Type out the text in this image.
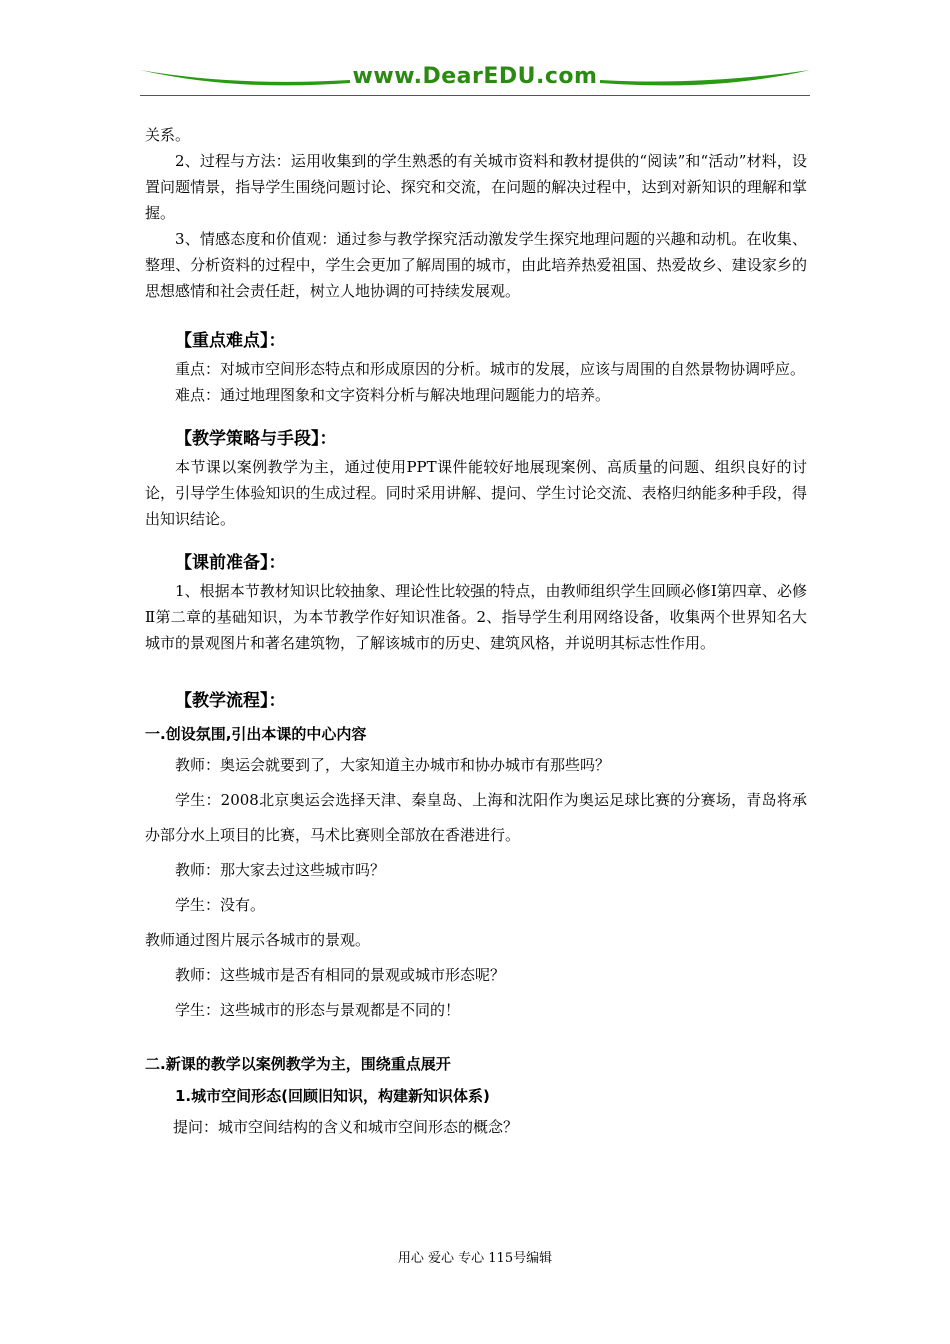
www.DearEDU.com

关系。

2、过程与方法：运用收集到的学生熟悉的有关城市资料和教材提供的“阅读”和“活动”材料，设置问题情景，指导学生围绕问题讨论、探究和交流，在问题的解决过程中，达到对新知识的理解和掌握。

3、情感态度和价值观：通过参与教学探究活动激发学生探究地理问题的兴趣和动机。在收集、整理、分析资料的过程中，学生会更加了解周围的城市，由此培养热爱祖国、热爱故乡、建设家乡的思想感情和社会责任赶，树立人地协调的可持续发展观。

【重点难点】：

重点：对城市空间形态特点和形成原因的分析。城市的发展，应该与周围的自然景物协调呼应。

难点：通过地理图象和文字资料分析与解决地理问题能力的培养。

【教学策略与手段】：

本节课以案例教学为主，通过使用PPT课件能较好地展现案例、高质量的问题、组织良好的讨论，引导学生体验知识的生成过程。同时采用讲解、提问、学生讨论交流、表格归纳能多种手段，得出知识结论。

【课前准备】：

1、根据本节教材知识比较抽象、理论性比较强的特点，由教师组织学生回顾必修Ⅰ第四章、必修Ⅱ第二章的基础知识，为本节教学作好知识准备。2、指导学生利用网络设备，收集两个世界知名大城市的景观图片和著名建筑物，了解该城市的历史、建筑风格，并说明其标志性作用。

【教学流程】：
一.创设氛围,引出本课的中心内容

教师：奥运会就要到了，大家知道主办城市和协办城市有那些吗？

学生：2008北京奥运会选择天津、秦皇岛、上海和沈阳作为奥运足球比赛的分赛场，青岛将承办部分水上项目的比赛，马术比赛则全部放在香港进行。

教师：那大家去过这些城市吗？

学生：没有。

教师通过图片展示各城市的景观。

教师：这些城市是否有相同的景观或城市形态呢？

学生：这些城市的形态与景观都是不同的！

二.新课的教学以案例教学为主，围绕重点展开
1.城市空间形态(回顾旧知识，构建新知识体系)

提问：城市空间结构的含义和城市空间形态的概念？

用心 爱心 专心 115号编辑
